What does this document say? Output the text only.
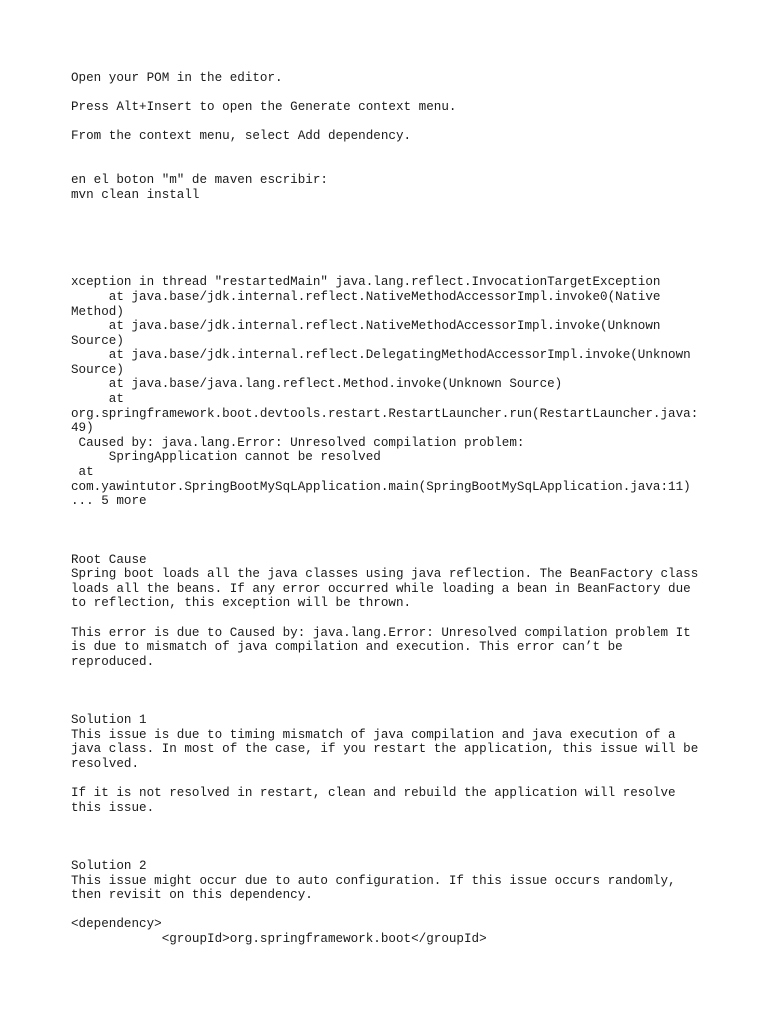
Open your POM in the editor.
Press Alt+Insert to open the Generate context menu.
From the context menu, select Add dependency.
en el boton "m" de maven escribir:
mvn clean install
xception in thread "restartedMain" java.lang.reflect.InvocationTargetException
at java.base/jdk.internal.reflect.NativeMethodAccessorImpl.invoke0(Native
Method)
at java.base/jdk.internal.reflect.NativeMethodAccessorImpl.invoke(Unknown
Source)
at java.base/jdk.internal.reflect.DelegatingMethodAccessorImpl.invoke(Unknown
Source)
at java.base/java.lang.reflect.Method.invoke(Unknown Source)
at
org.springframework.boot.devtools.restart.RestartLauncher.run(RestartLauncher.java:
49)
Caused by: java.lang.Error: Unresolved compilation problem:
SpringApplication cannot be resolved
at
com.yawintutor.SpringBootMySqLApplication.main(SpringBootMySqLApplication.java:11)
... 5 more
Root Cause
Spring boot loads all the java classes using java reflection. The BeanFactory class
loads all the beans. If any error occurred while loading a bean in BeanFactory due
to reflection, this exception will be thrown.
This error is due to Caused by: java.lang.Error: Unresolved compilation problem It
is due to mismatch of java compilation and execution. This error can’t be
reproduced.
Solution 1
This issue is due to timing mismatch of java compilation and java execution of a
java class. In most of the case, if you restart the application, this issue will be
resolved.
If it is not resolved in restart, clean and rebuild the application will resolve
this issue.
Solution 2
This issue might occur due to auto configuration. If this issue occurs randomly,
then revisit on this dependency.
<dependency>
<groupId>org.springframework.boot</groupId>
